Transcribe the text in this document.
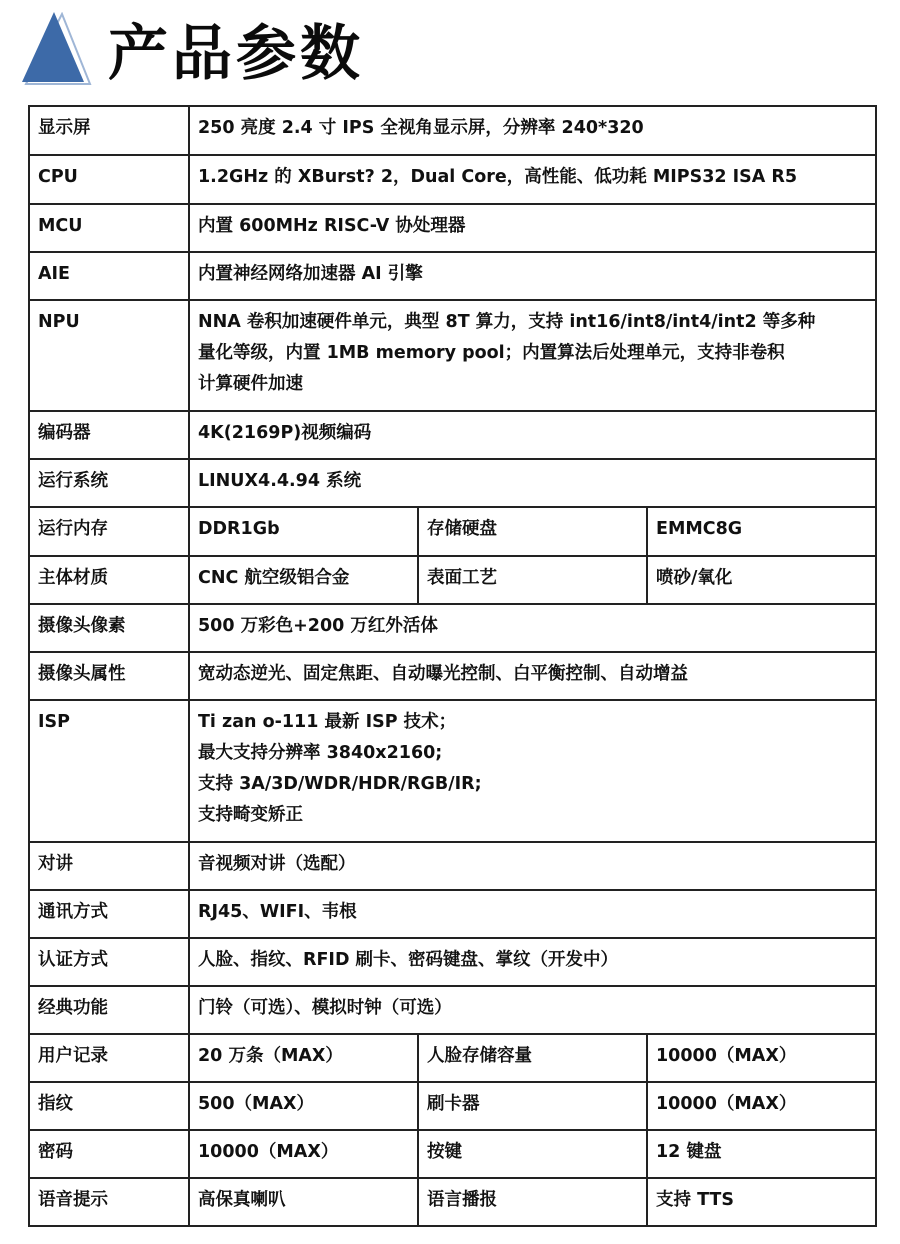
产品参数
显示屏	250 亮度 2.4 寸 IPS 全视角显示屏，分辨率 240*320		
CPU	1.2GHz 的 XBurst? 2，Dual Core，高性能、低功耗 MIPS32 ISA R5		
MCU	内置 600MHz RISC-V 协处理器		
AIE	内置神经网络加速器 AI 引擎		
NPU	NNA 卷积加速硬件单元，典型 8T 算力，支持 int16/int8/int4/int2 等多种
量化等级，内置 1MB memory pool；内置算法后处理单元，支持非卷积
计算硬件加速		

编码器	4K(2169P)视频编码		
运行系统	LINUX4.4.94 系统		
运行内存	DDR1Gb	存储硬盘	EMMC8G
主体材质	CNC 航空级铝合金	表面工艺	喷砂/氧化
摄像头像素	500 万彩色+200 万红外活体		
摄像头属性	宽动态逆光、固定焦距、自动曝光控制、白平衡控制、自动增益		
ISP	Ti zan o-111 最新 ISP 技术；
最大支持分辨率 3840x2160;
支持 3A/3D/WDR/HDR/RGB/IR;
支持畸变矫正		

对讲	音视频对讲（选配）		
通讯方式	RJ45、WIFI、韦根		
认证方式	人脸、指纹、RFID 刷卡、密码键盘、掌纹（开发中）		
经典功能	门铃（可选）、模拟时钟（可选）		
用户记录	20 万条（MAX）	人脸存储容量	10000（MAX）
指纹	500（MAX）	刷卡器	10000（MAX）
密码	10000（MAX）	按键	12 键盘
语音提示	高保真喇叭	语言播报	支持 TTS
